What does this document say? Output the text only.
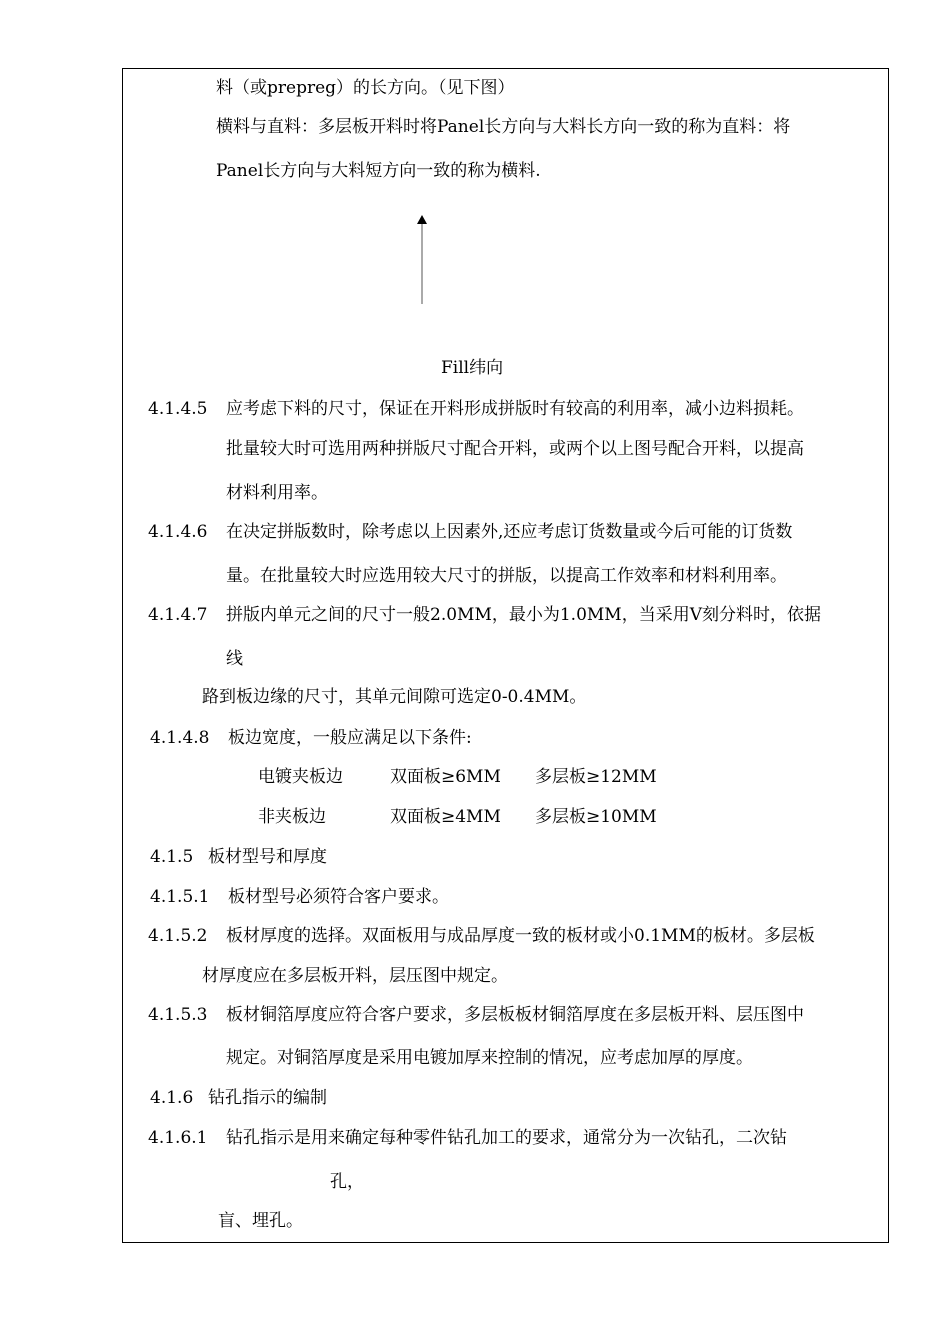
料（或prepreg）的长方向。（见下图）
横料与直料：多层板开料时将Panel长方向与大料长方向一致的称为直料：将
Panel长方向与大料短方向一致的称为横料.
Fill纬向
4.1.4.5 应考虑下料的尺寸，保证在开料形成拼版时有较高的利用率，减小边料损耗。
批量较大时可选用两种拼版尺寸配合开料，或两个以上图号配合开料，以提高
材料利用率。
4.1.4.6 在决定拼版数时，除考虑以上因素外,还应考虑订货数量或今后可能的订货数
量。在批量较大时应选用较大尺寸的拼版，以提高工作效率和材料利用率。
4.1.4.7 拼版内单元之间的尺寸一般2.0MM，最小为1.0MM，当采用V刻分料时，依据
线
路到板边缘的尺寸，其单元间隙可选定0-0.4MM。
4.1.4.8 板边宽度，一般应满足以下条件:
电镀夹板边	双面板≥6MM 多层板≥12MM
非夹板边	双面板≥4MM 多层板≥10MM
4.1.5 板材型号和厚度
4.1.5.1 板材型号必须符合客户要求。
4.1.5.2 板材厚度的选择。双面板用与成品厚度一致的板材或小0.1MM的板材。多层板
材厚度应在多层板开料，层压图中规定。
4.1.5.3 板材铜箔厚度应符合客户要求，多层板板材铜箔厚度在多层板开料、层压图中
规定。对铜箔厚度是采用电镀加厚来控制的情况，应考虑加厚的厚度。
4.1.6 钻孔指示的编制
4.1.6.1 钻孔指示是用来确定每种零件钻孔加工的要求，通常分为一次钻孔，二次钻
孔，
盲、埋孔。
